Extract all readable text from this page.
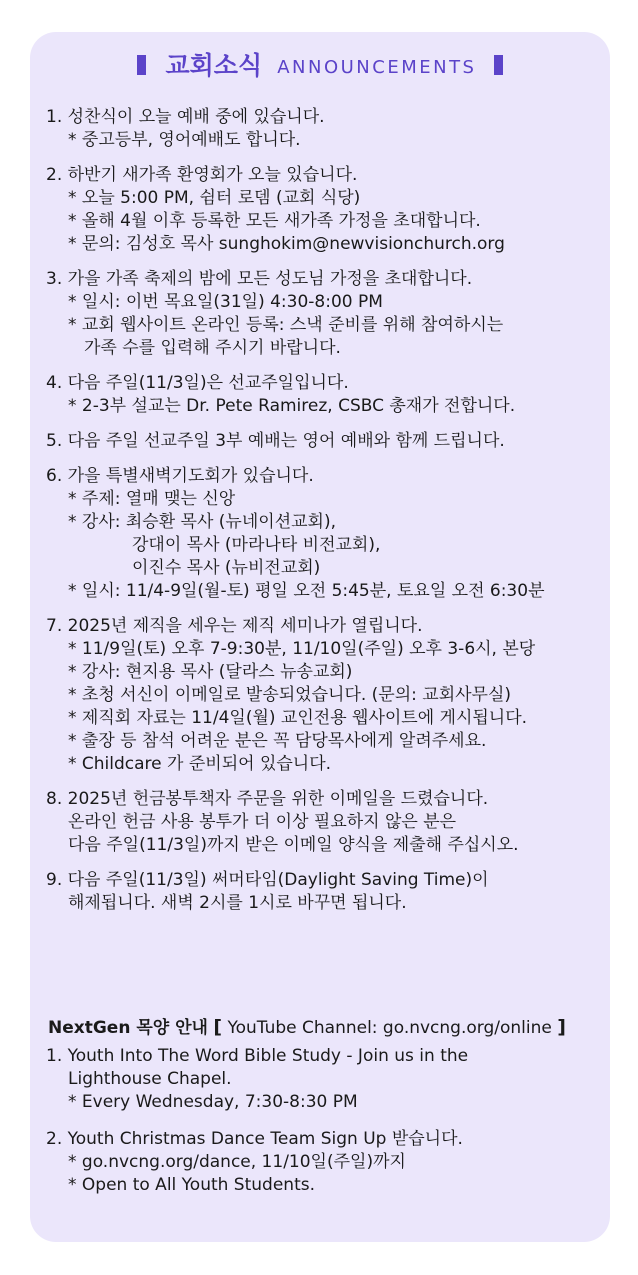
교회소식 ANNOUNCEMENTS
1. 성찬식이 오늘 예배 중에 있습니다.
* 중고등부, 영어예배도 합니다.
2. 하반기 새가족 환영회가 오늘 있습니다.
* 오늘 5:00 PM, 쉼터 로뎀 (교회 식당)
* 올해 4월 이후 등록한 모든 새가족 가정을 초대합니다.
* 문의: 김성호 목사 sunghokim@newvisionchurch.org
3. 가을 가족 축제의 밤에 모든 성도님 가정을 초대합니다.
* 일시: 이번 목요일(31일) 4:30-8:00 PM
* 교회 웹사이트 온라인 등록: 스낵 준비를 위해 참여하시는
가족 수를 입력해 주시기 바랍니다.
4. 다음 주일(11/3일)은 선교주일입니다.
* 2-3부 설교는 Dr. Pete Ramirez, CSBC 총재가 전합니다.
5. 다음 주일 선교주일 3부 예배는 영어 예배와 함께 드립니다.
6. 가을 특별새벽기도회가 있습니다.
* 주제: 열매 맺는 신앙
* 강사: 최승환 목사 (뉴네이션교회),
강대이 목사 (마라나타 비전교회),
이진수 목사 (뉴비전교회)
* 일시: 11/4-9일(월-토) 평일 오전 5:45분, 토요일 오전 6:30분
7. 2025년 제직을 세우는 제직 세미나가 열립니다.
* 11/9일(토) 오후 7-9:30분, 11/10일(주일) 오후 3-6시, 본당
* 강사: 현지용 목사 (달라스 뉴송교회)
* 초청 서신이 이메일로 발송되었습니다. (문의: 교회사무실)
* 제직회 자료는 11/4일(월) 교인전용 웹사이트에 게시됩니다.
* 출장 등 참석 어려운 분은 꼭 담당목사에게 알려주세요.
* Childcare 가 준비되어 있습니다.
8. 2025년 헌금봉투책자 주문을 위한 이메일을 드렸습니다.
온라인 헌금 사용 봉투가 더 이상 필요하지 않은 분은
다음 주일(11/3일)까지 받은 이메일 양식을 제출해 주십시오.
9. 다음 주일(11/3일) 써머타임(Daylight Saving Time)이
해제됩니다. 새벽 2시를 1시로 바꾸면 됩니다.
NextGen 목양 안내 [ YouTube Channel: go.nvcng.org/online ]
1. Youth Into The Word Bible Study - Join us in the
Lighthouse Chapel.
* Every Wednesday, 7:30-8:30 PM
2. Youth Christmas Dance Team Sign Up 받습니다.
* go.nvcng.org/dance, 11/10일(주일)까지
* Open to All Youth Students.
